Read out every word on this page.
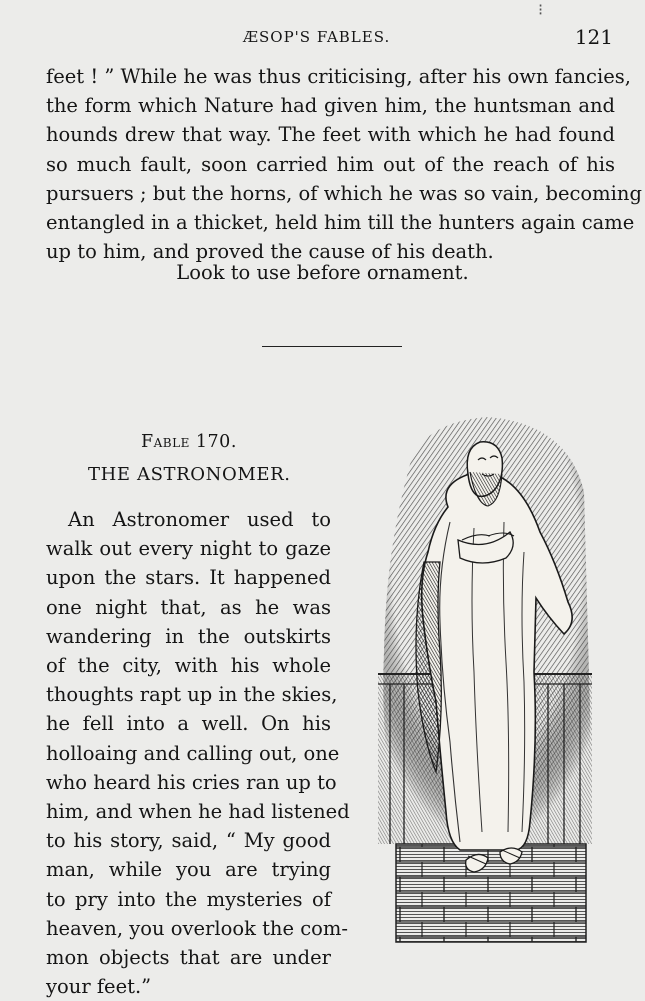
⁝
ÆSOP'S FABLES.	121
feet ! ” While he was thus criticising, after his own fancies,
the form which Nature had given him, the huntsman and
hounds drew that way. The feet with which he had found
so much fault, soon carried him out of the reach of his
pursuers ; but the horns, of which he was so vain, becoming
entangled in a thicket, held him till the hunters again came
up to him, and proved the cause of his death.
Look to use before ornament.
Fable 170.
THE ASTRONOMER.
An Astronomer used to
walk out every night to gaze
upon the stars. It happened
one night that, as he was
wandering in the outskirts
of the city, with his whole
thoughts rapt up in the skies,
he fell into a well. On his
holloaing and calling out, one
who heard his cries ran up to
him, and when he had listened
to his story, said, “ My good
man, while you are trying
to pry into the mysteries of
heaven, you overlook the com-
mon objects that are under
your feet.”
